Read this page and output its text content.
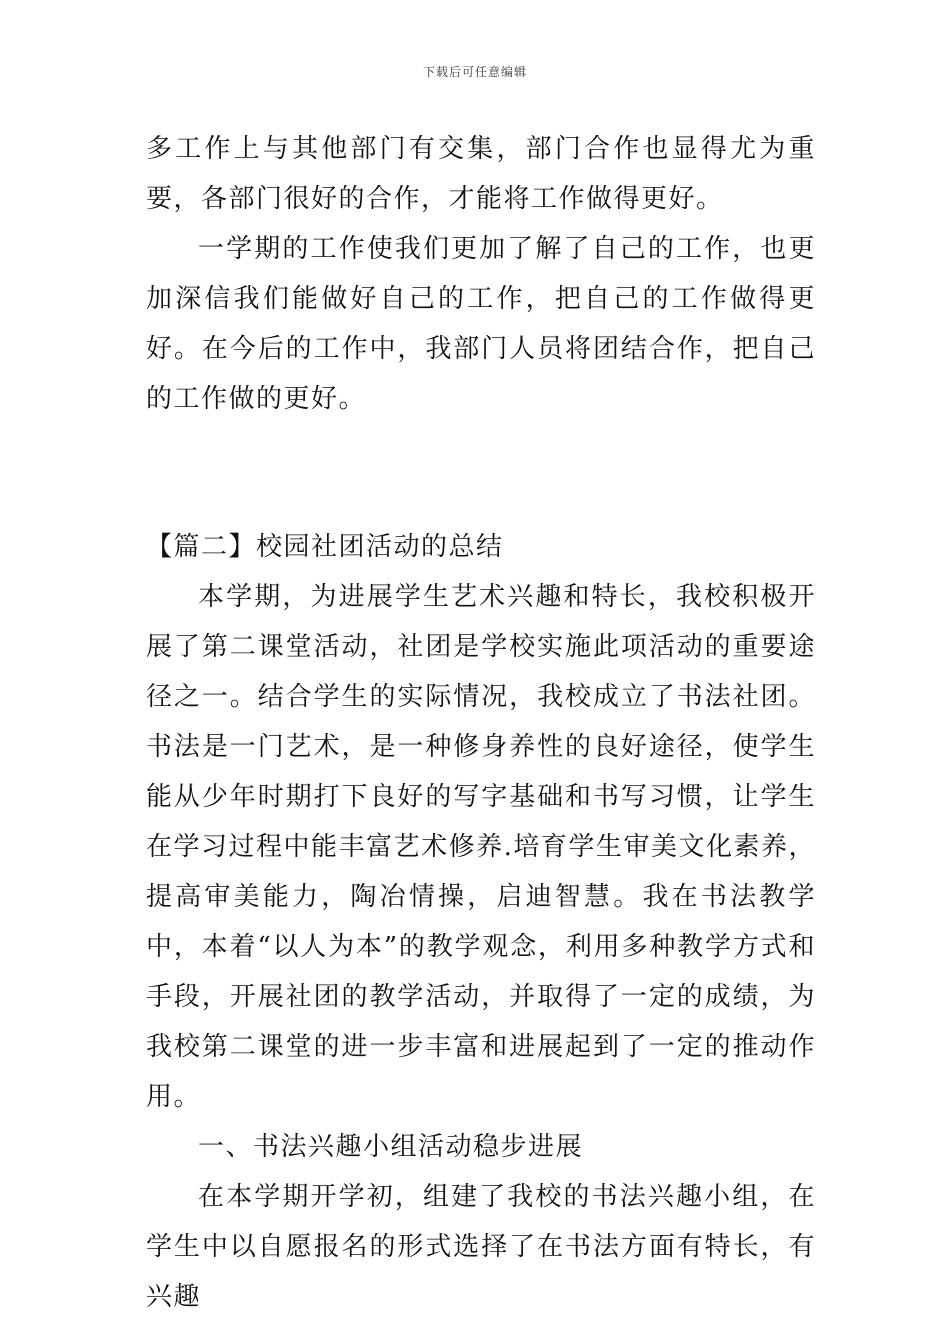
下载后可任意编辑

多工作上与其他部门有交集，部门合作也显得尤为重要，各部门很好的合作，才能将工作做得更好。

一学期的工作使我们更加了解了自己的工作，也更加深信我们能做好自己的工作，把自己的工作做得更好。在今后的工作中，我部门人员将团结合作，把自己的工作做的更好。

【篇二】校园社团活动的总结

本学期，为进展学生艺术兴趣和特长，我校积极开展了第二课堂活动，社团是学校实施此项活动的重要途径之一。结合学生的实际情况，我校成立了书法社团。书法是一门艺术，是一种修身养性的良好途径，使学生能从少年时期打下良好的写字基础和书写习惯，让学生在学习过程中能丰富艺术修养.培育学生审美文化素养，提高审美能力，陶冶情操，启迪智慧。我在书法教学中，本着“以人为本”的教学观念，利用多种教学方式和手段，开展社团的教学活动，并取得了一定的成绩，为我校第二课堂的进一步丰富和进展起到了一定的推动作用。

一、书法兴趣小组活动稳步进展

在本学期开学初，组建了我校的书法兴趣小组，在学生中以自愿报名的形式选择了在书法方面有特长，有兴趣
